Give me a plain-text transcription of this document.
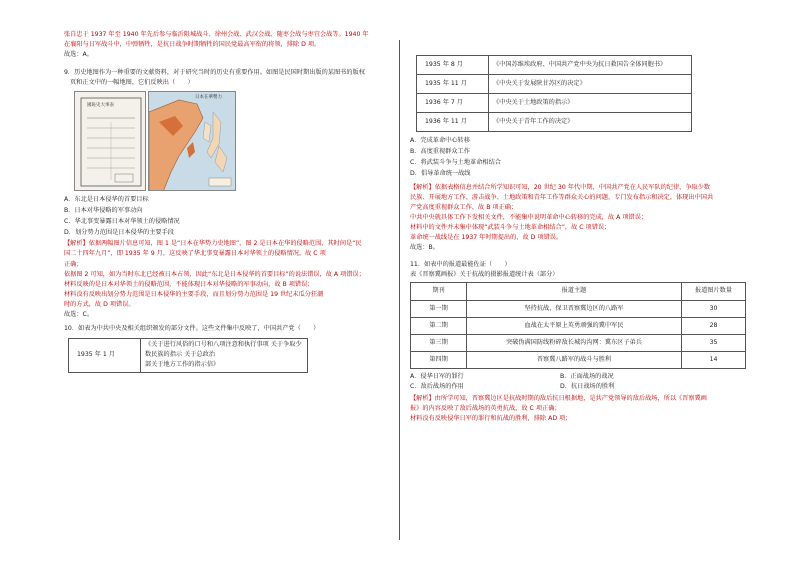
张自忠于 1937 年至 1940 年先后参与临沂阻城战斗、徐州会战、武汉会战、随枣会战与枣宜会战等。1940 年

在襄阳与日军战斗中，中弹牺牲，是抗日战争时期牺牲的国民党最高军衔的将领，排除 D 项。

故选：A。

9．历史地图作为一种重要的文献资料，对于研究当时的历史有重要作用。如图是民国时期出版的某图书的版权

页和正文中的一幅地图，它们反映出（　　）

國恥史大事表
日本在華勢力

A．东北是日本侵华的首要目标

B．日本对华侵略的军事动向

C．华北事变暴露日本对华领土的侵略情况

D．划分势力范围是日本侵华的主要手段

【解析】依据两幅图片信息可知，图 1 是“日本在华势力史地图”，图 2 是日本在华的侵略范围，其时间是“民

国二十四年九月”，即 1935 年 9 月，这反映了华北事变暴露日本对华领土的侵略情况，故 C 项

正确；

依据图 2 可知，如为当时东北已经被日本占领，因此“东北是日本侵华的首要目标”的说法错误，故 A 项错误；

材料反映的是日本对华领土的侵略范围，不能体现日本对华侵略的军事动向，故 B 项错误；

材料没有反映出划分势力范围是日本侵华的主要手段，而且划分势力范围是 19 世纪末瓜分狂潮

时的方式，故 D 项错误。

故选：C。

10．如表为中共中央及相关组织颁发的部分文件。这些文件集中反映了，中国共产党（　　）

1935 年 1 月	《关于进行风俗的口号和八项注意和执行事项 关于争取少数民族的指示 关于总政治
部关于地方工作的指示信》
1935 年 8 月	《中国苏维埃政府、中国共产党中央为抗日救国告全体同胞书》
1935 年 11 月	《中央关于发展陕甘苏区的决定》
1936 年 7 月	《中央关于土地政策的指示》
1936 年 11 月	《中央关于青年工作的决定》

A．完成革命中心转移

B．高度重视群众工作

C．将武装斗争与土地革命相结合

D．倡导革命统一战线

【解析】依据表格信息并结合所学知识可知，20 世纪 30 年代中期，中国共产党在人民军队的纪律、争取少数

民族、开展地方工作、游击战争、土地政策和青年工作等群众关心的问题，专门发布指示和决定，体现出中国共

产党高度重视群众工作，故 B 项正确；

中共中央就具体工作下发相关文件，不能集中说明革命中心转移的完成，故 A 项错误；

材料中的文件并未集中体现“武装斗争与土地革命相结合”，故 C 项错误；

革命统一战线是在 1937 年时期提出的，故 D 项错误。

故选：B。

11．如表中的报道最能佐证（　　）

表《晋察冀画报》关于抗战的摄影报道统计表（部分）

期刊	报道主题	报道图片数量
第一期	坚持抗战，保卫晋察冀边区的八路军	30
第二期	血战在太平原上英勇顽强的冀中军民	28
第三期	突破伪满国防线粉碎敌长城沟沟网：冀东区子弟兵	35
第四期	晋察冀八路军的战斗与胜利	14
A．侵华日军的罪行	B．正面战场的战况
C．敌后战场的作用	D．抗日战场的胜利

【解析】由所学可知，晋察冀边区是抗战时期的敌后抗日根据地，是共产党领导的敌后战场，所以《晋察冀画

报》的内容反映了敌后战场的英勇抗战，故 C 项正确；

材料没有反映侵华日军的罪行和抗战的胜利，排除 AD 项；
